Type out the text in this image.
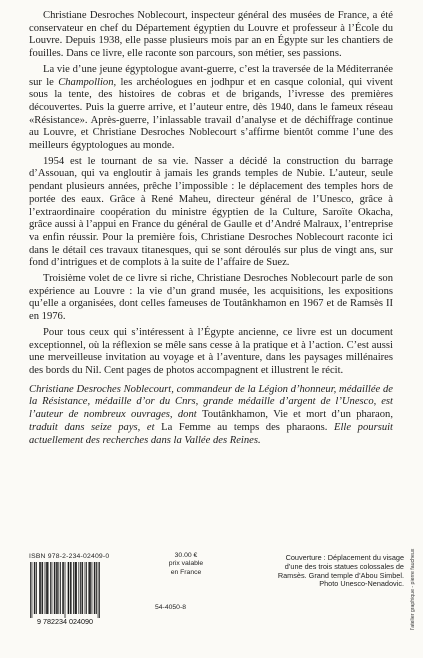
Christiane Desroches Noblecourt, inspecteur général des musées de France, a été conservateur en chef du Département égyptien du Louvre et professeur à l’École du Louvre. Depuis 1938, elle passe plusieurs mois par an en Égypte sur les chantiers de fouilles. Dans ce livre, elle raconte son parcours, son métier, ses passions.

La vie d’une jeune égyptologue avant-guerre, c’est la traversée de la Méditerranée sur le Champollion, les archéologues en jodhpur et en casque colonial, qui vivent sous la tente, des histoires de cobras et de brigands, l’ivresse des premières découvertes. Puis la guerre arrive, et l’auteur entre, dès 1940, dans le fameux réseau «Résistance». Après-guerre, l’inlassable travail d’analyse et de déchiffrage continue au Louvre, et Christiane Desroches Noblecourt s’affirme bientôt comme l’une des meilleurs égyptologues au monde.

1954 est le tournant de sa vie. Nasser a décidé la construction du barrage d’Assouan, qui va engloutir à jamais les grands temples de Nubie. L’auteur, seule pendant plusieurs années, prêche l’impossible : le déplacement des temples hors de portée des eaux. Grâce à René Maheu, directeur général de l’Unesco, grâce à l’extraordinaire coopération du ministre égyptien de la Culture, Saroïte Okacha, grâce aussi à l’appui en France du général de Gaulle et d’André Malraux, l’entreprise va enfin réussir. Pour la première fois, Christiane Desroches Noblecourt raconte ici dans le détail ces travaux titanesques, qui se sont déroulés sur plus de vingt ans, sur fond d’intrigues et de complots à la suite de l’affaire de Suez.

Troisième volet de ce livre si riche, Christiane Desroches Noblecourt parle de son expérience au Louvre : la vie d’un grand musée, les acquisitions, les expositions qu’elle a organisées, dont celles fameuses de Toutânkhamon en 1967 et de Ramsès II en 1976.

Pour tous ceux qui s’intéressent à l’Égypte ancienne, ce livre est un document exceptionnel, où la réflexion se mêle sans cesse à la pratique et à l’action. C’est aussi une merveilleuse invitation au voyage et à l’aventure, dans les paysages millénaires des bords du Nil. Cent pages de photos accompagnent et illustrent le récit.

Christiane Desroches Noblecourt, commandeur de la Légion d’honneur, médaillée de la Résistance, médaille d’or du Cnrs, grande médaille d’argent de l’Unesco, est l’auteur de nombreux ouvrages, dont Toutânkhamon, Vie et mort d’un pharaon, traduit dans seize pays, et La Femme au temps des pharaons. Elle poursuit actuellement des recherches dans la Vallée des Reines.

ISBN 978-2-234-02409-0
9 782234 024090
30.00 €
prix valable
en France
54-4050-8
Couverture : Déplacement du visage
d’une des trois statues colossales de
Ramsès. Grand temple d’Abou Simbel.
Photo Unesco-Nenadovic. l’atelier graphique - pierre faucheux
